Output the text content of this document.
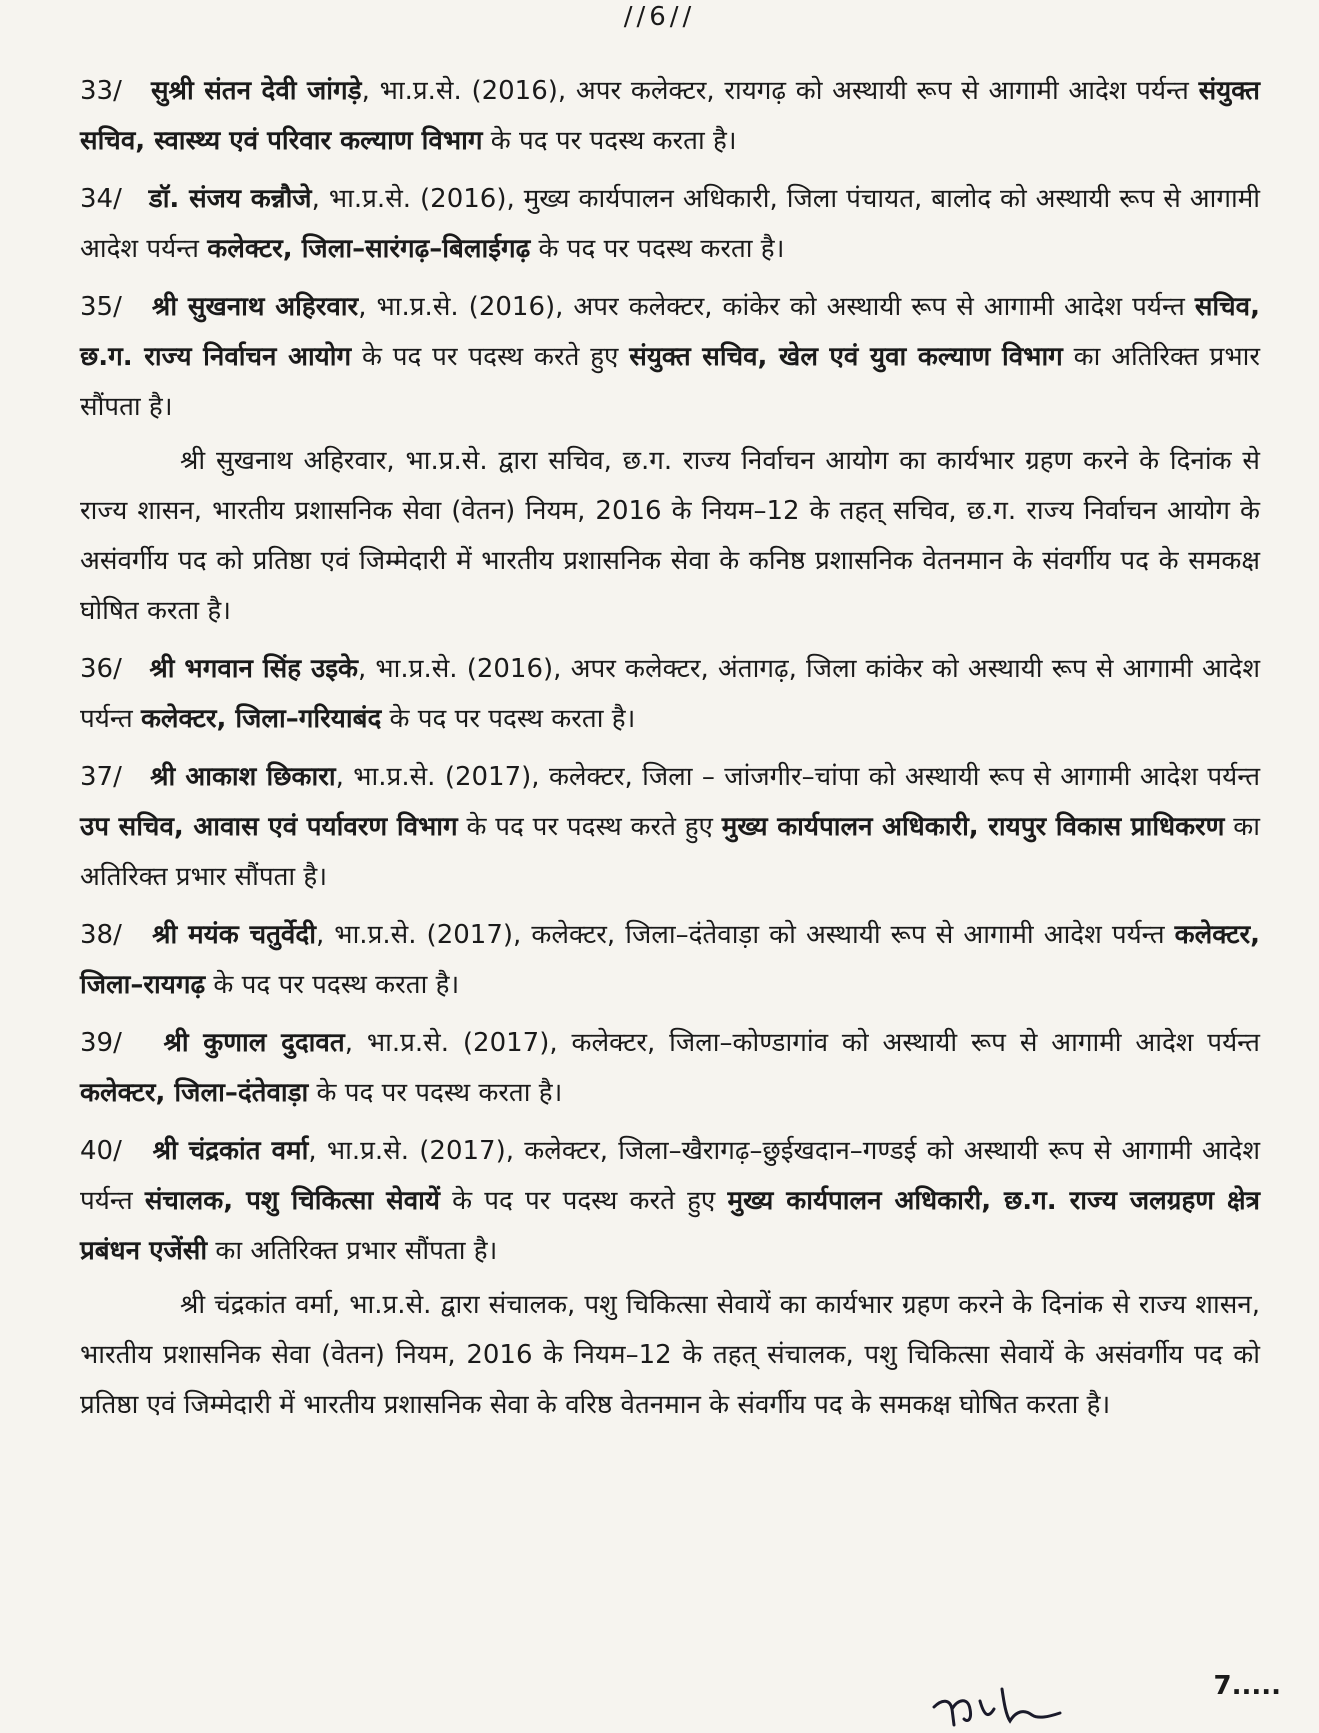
//6//

33/ सुश्री संतन देवी जांगड़े, भा.प्र.से. (2016), अपर कलेक्टर, रायगढ़ को अस्थायी रूप से आगामी आदेश पर्यन्त संयुक्त सचिव, स्वास्थ्य एवं परिवार कल्याण विभाग के पद पर पदस्थ करता है।

34/ डॉ. संजय कन्नौजे, भा.प्र.से. (2016), मुख्य कार्यपालन अधिकारी, जिला पंचायत, बालोद को अस्थायी रूप से आगामी आदेश पर्यन्त कलेक्टर, जिला–सारंगढ़–बिलाईगढ़ के पद पर पदस्थ करता है।

35/ श्री सुखनाथ अहिरवार, भा.प्र.से. (2016), अपर कलेक्टर, कांकेर को अस्थायी रूप से आगामी आदेश पर्यन्त सचिव, छ.ग. राज्य निर्वाचन आयोग के पद पर पदस्थ करते हुए संयुक्त सचिव, खेल एवं युवा कल्याण विभाग का अतिरिक्त प्रभार सौंपता है।

श्री सुखनाथ अहिरवार, भा.प्र.से. द्वारा सचिव, छ.ग. राज्य निर्वाचन आयोग का कार्यभार ग्रहण करने के दिनांक से राज्य शासन, भारतीय प्रशासनिक सेवा (वेतन) नियम, 2016 के नियम–12 के तहत् सचिव, छ.ग. राज्य निर्वाचन आयोग के असंवर्गीय पद को प्रतिष्ठा एवं जिम्मेदारी में भारतीय प्रशासनिक सेवा के कनिष्ठ प्रशासनिक वेतनमान के संवर्गीय पद के समकक्ष घोषित करता है।

36/ श्री भगवान सिंह उइके, भा.प्र.से. (2016), अपर कलेक्टर, अंतागढ़, जिला कांकेर को अस्थायी रूप से आगामी आदेश पर्यन्त कलेक्टर, जिला–गरियाबंद के पद पर पदस्थ करता है।

37/ श्री आकाश छिकारा, भा.प्र.से. (2017), कलेक्टर, जिला – जांजगीर–चांपा को अस्थायी रूप से आगामी आदेश पर्यन्त उप सचिव, आवास एवं पर्यावरण विभाग के पद पर पदस्थ करते हुए मुख्य कार्यपालन अधिकारी, रायपुर विकास प्राधिकरण का अतिरिक्त प्रभार सौंपता है।

38/ श्री मयंक चतुर्वेदी, भा.प्र.से. (2017), कलेक्टर, जिला–दंतेवाड़ा को अस्थायी रूप से आगामी आदेश पर्यन्त कलेक्टर, जिला–रायगढ़ के पद पर पदस्थ करता है।

39/ श्री कुणाल दुदावत, भा.प्र.से. (2017), कलेक्टर, जिला–कोण्डागांव को अस्थायी रूप से आगामी आदेश पर्यन्त कलेक्टर, जिला–दंतेवाड़ा के पद पर पदस्थ करता है।

40/ श्री चंद्रकांत वर्मा, भा.प्र.से. (2017), कलेक्टर, जिला–खैरागढ़–छुईखदान–गण्डई को अस्थायी रूप से आगामी आदेश पर्यन्त संचालक, पशु चिकित्सा सेवायें के पद पर पदस्थ करते हुए मुख्य कार्यपालन अधिकारी, छ.ग. राज्य जलग्रहण क्षेत्र प्रबंधन एजेंसी का अतिरिक्त प्रभार सौंपता है।

श्री चंद्रकांत वर्मा, भा.प्र.से. द्वारा संचालक, पशु चिकित्सा सेवायें का कार्यभार ग्रहण करने के दिनांक से राज्य शासन, भारतीय प्रशासनिक सेवा (वेतन) नियम, 2016 के नियम–12 के तहत् संचालक, पशु चिकित्सा सेवायें के असंवर्गीय पद को प्रतिष्ठा एवं जिम्मेदारी में भारतीय प्रशासनिक सेवा के वरिष्ठ वेतनमान के संवर्गीय पद के समकक्ष घोषित करता है।

7.....
